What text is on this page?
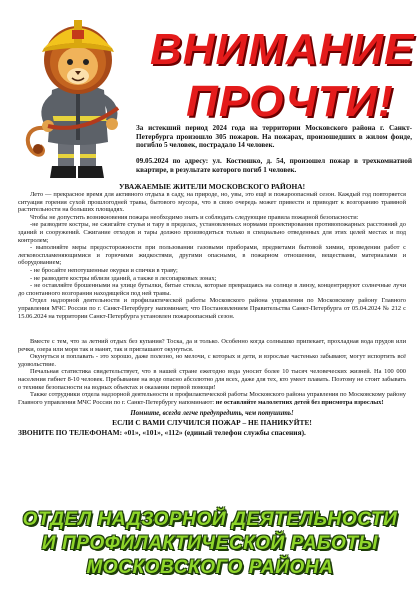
ВНИМАНИЕ
ПРОЧТИ!
За истекший период 2024 года на территории Московского района г. Санкт-Петербурга произошло 305 пожаров. На пожарах, произошедших в жилом фонде, погибло 5 человек, пострадало 14 человек.
09.05.2024 по адресу: ул. Костюшко, д. 54, произошел пожар в трехкомнатной квартире, в результате которого погиб 1 человек.

УВАЖАЕМЫЕ ЖИТЕЛИ МОСКОВСКОГО РАЙОНА!

Лето — прекрасное время для активного отдыха в саду, на природе, но, увы, это ещё и пожароопасный сезон. Каждый год повторяется ситуация горения сухой прошлогодней травы, бытового мусора, что в свою очередь может привести и приводит к возгоранию травяной растительности на больших площадях.

Чтобы не допустить возникновения пожара необходимо знать и соблюдать следующие правила пожарной безопасности:

-не разводите костры, не сжигайте стулья и тару в пределах, установленных нормами проектирования противопожарных расстояний до зданий и сооружений. Сжигание отходов и тары должно производиться только в специально отведенных для этих целей местах и под контролем;

- выполняйте меры предосторожности при пользовании газовыми приборами, предметами бытовой химии, проведении работ с легковоспламеняющимися и горючими жидкостями, другими опасными, в пожарном отношении, веществами, материалами и оборудованием;

- не бросайте непотушенные окурки и спички в траву;

- не разводите костры вблизи зданий, а также в лесопарковых зонах;

- не оставляйте брошенными на улице бутылки, битые стекла, которые превращаясь на солнце в линзу, концентрируют солнечные лучи до спонтанного возгорания находящейся под ней травы.

Отдел надзорной деятельности и профилактической работы Московского района управления по Московскому району Главного управления МЧС России по г. Санкт-Петербургу напоминает, что Постановлением Правительства Санкт-Петербурга от 05.04.2024 № 212 с 15.06.2024 на территории Санкт-Петербурга установлен пожароопасный сезон.

Вместе с тем, что за летний отдых без купания? Тоска, да и только. Особенно когда солнышко припекает, прохладная вода прудов или речки, озера или моря так и манят, так и приглашают окунуться.

Окунуться и поплавать - это хорошо, даже полезно, но мелочи, с которых и дети, и взрослые частенько забывают, могут испортить всё удовольствие.

Печальная статистика свидетельствует, что в нашей стране ежегодно вода уносит более 10 тысяч человеческих жизней. На 100 000 населения гибнет 8-10 человек. Пребывание на воде опасно абсолютно для всех, даже для тех, кто умеет плавать. Поэтому не стоит забывать о технике безопасности на водных объектах и оказании первой помощи!

Также сотрудники отдела надзорной деятельности и профилактической работы Московского района управления по Московскому району Главного управления МЧС России по г. Санкт-Петербургу напоминают: не оставляйте малолетних детей без присмотра взрослых!

Помните, всегда легче предупредить, чем потушить!

ЕСЛИ С ВАМИ СЛУЧИЛСЯ ПОЖАР – НЕ ПАНИКУЙТЕ!

ЗВОНИТЕ ПО ТЕЛЕФОНАМ: «01», «101», «112» (единый телефон службы спасения).

ОТДЕЛ НАДЗОРНОЙ ДЕЯТЕЛЬНОСТИ
И ПРОФИЛАКТИЧЕСКОЙ РАБОТЫ
МОСКОВСКОГО РАЙОНА
